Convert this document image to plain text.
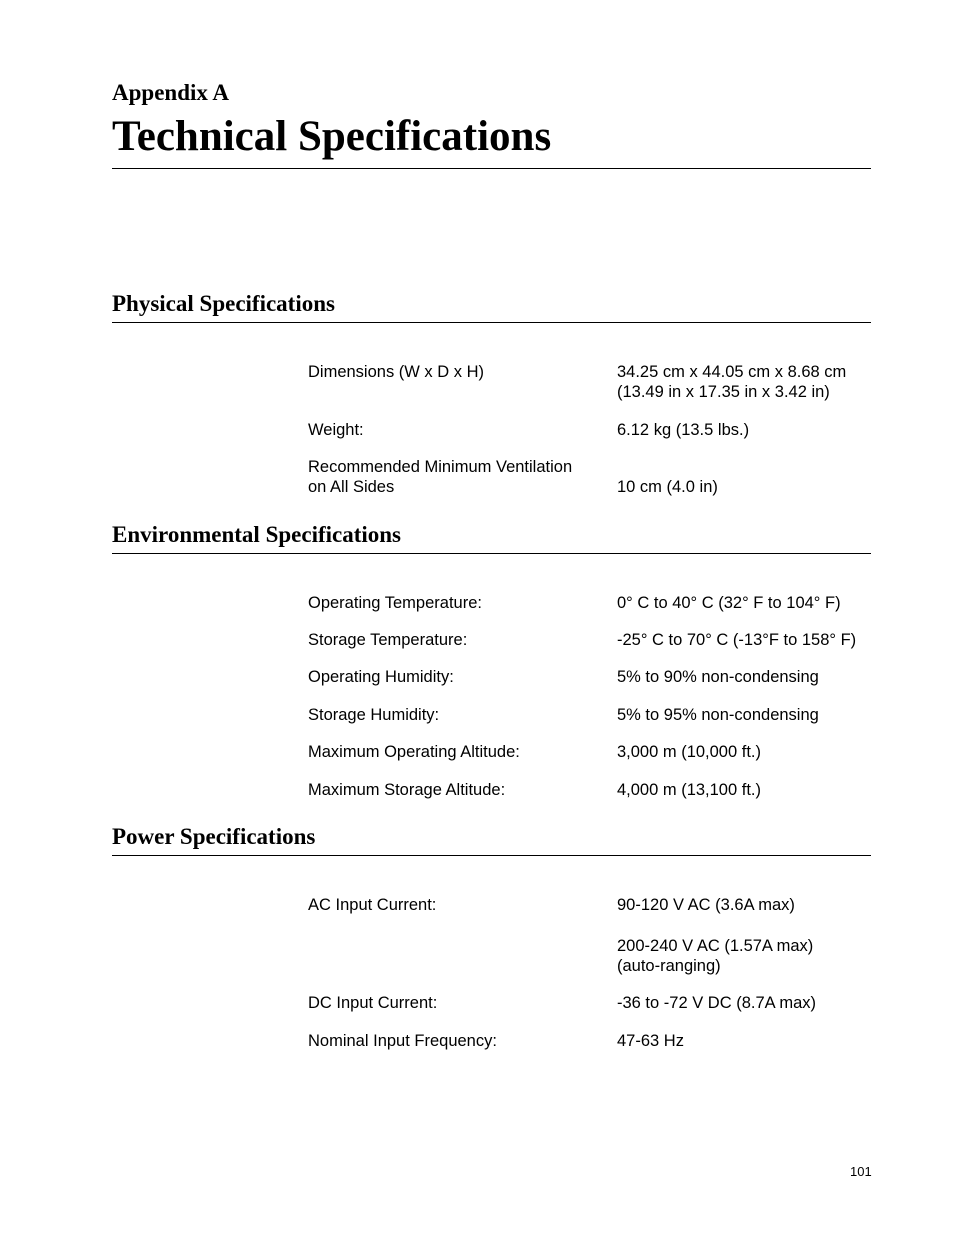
Appendix A
Technical Specifications
Physical Specifications
Dimensions (W x D x H)	34.25 cm x 44.05 cm x 8.68 cm
(13.49 in x 17.35 in x 3.42 in)
Weight:	6.12 kg (13.5 lbs.)
Recommended Minimum Ventilation
on All Sides	10 cm (4.0 in)
Environmental Specifications
Operating Temperature:	0° C to 40° C (32° F to 104° F)
Storage Temperature:	-25° C to 70° C (-13°F to 158° F)
Operating Humidity:	5% to 90% non-condensing
Storage Humidity:	5% to 95% non-condensing
Maximum Operating Altitude:	3,000 m (10,000 ft.)
Maximum Storage Altitude:	4,000 m (13,100 ft.)
Power Specifications
AC Input Current:	90-120 V AC (3.6A max)
200-240 V AC (1.57A max)
(auto-ranging)
DC Input Current:	-36 to -72 V DC (8.7A max)
Nominal Input Frequency:	47-63 Hz
101
